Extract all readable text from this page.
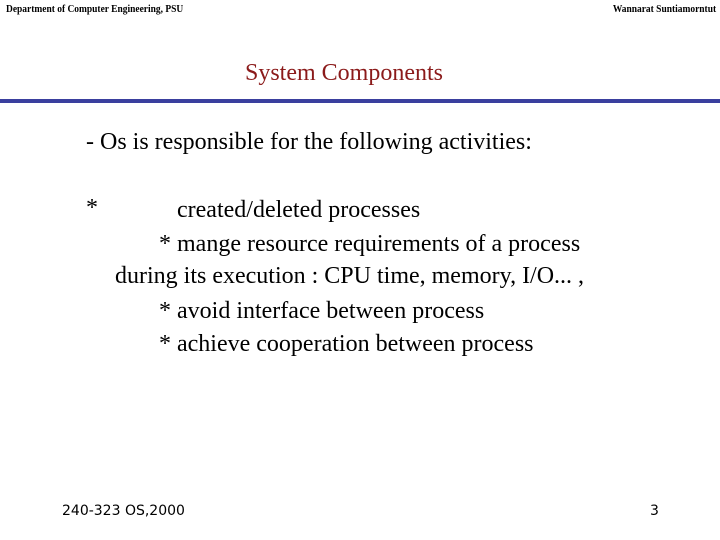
Department of Computer Engineering, PSU	Wannarat Suntiamorntut
System Components
- Os is responsible for the following activities:
*	created/deleted processes
* mange resource requirements of a process
during its execution : CPU time, memory, I/O... ,
* avoid interface between process
* achieve cooperation between process
240-323 OS,2000	3
